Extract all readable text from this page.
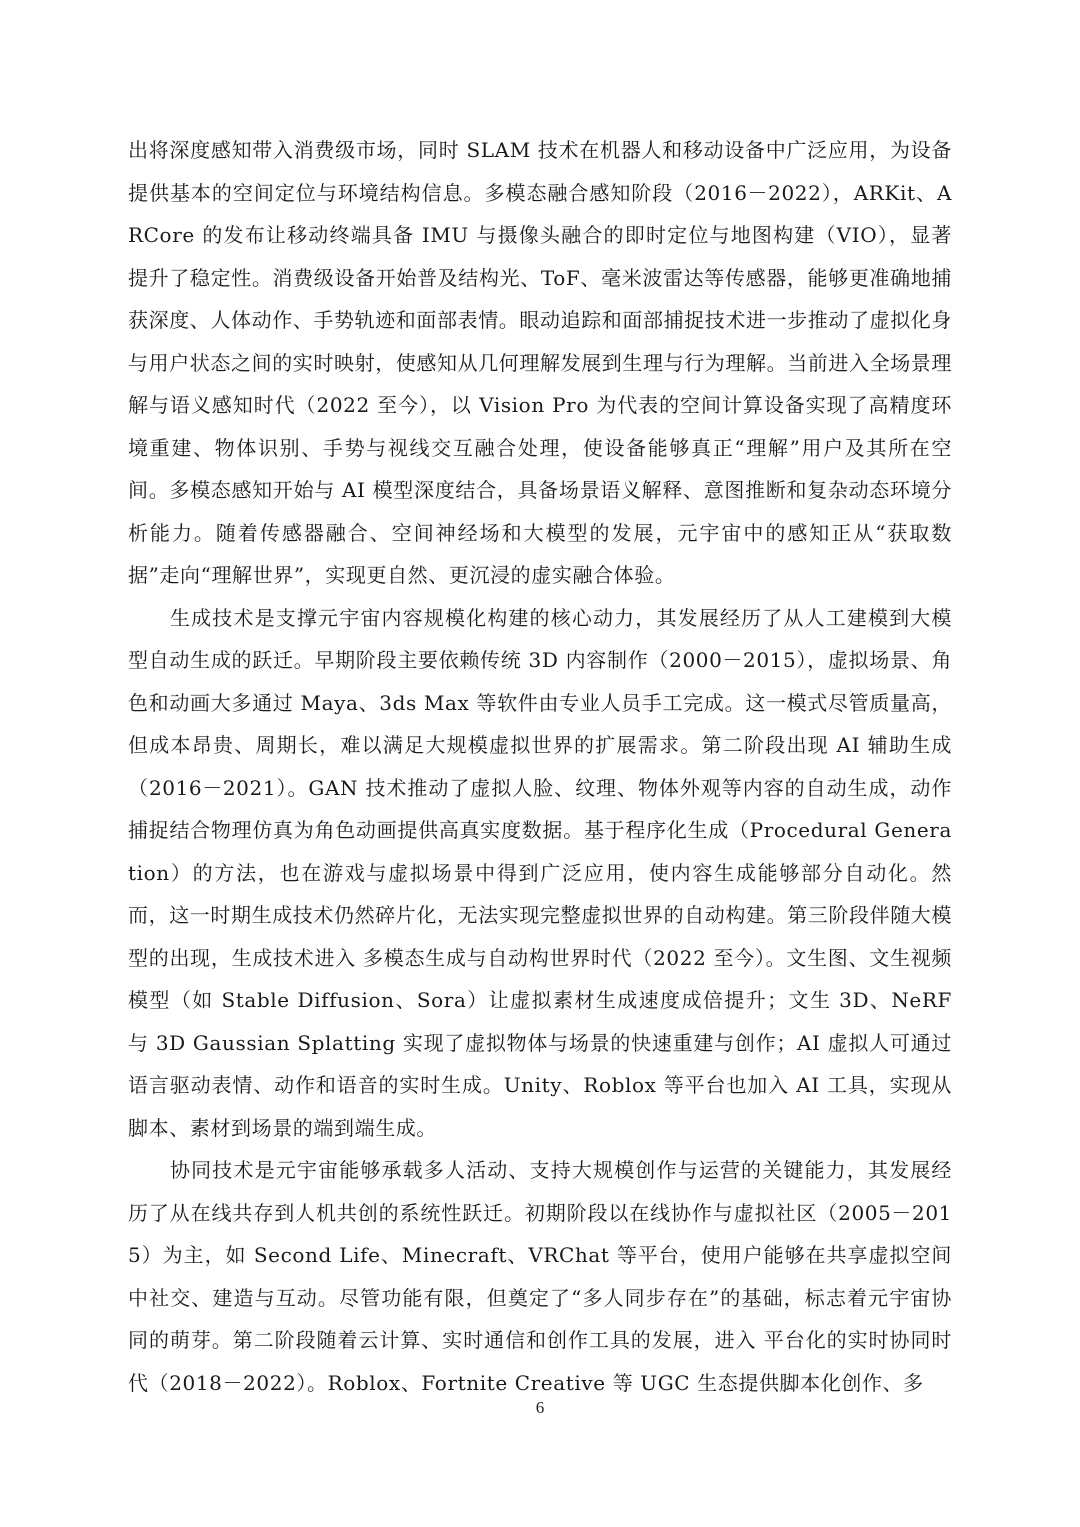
出将深度感知带入消费级市场，同时 SLAM 技术在机器人和移动设备中广泛应用，为设备提供基本的空间定位与环境结构信息。多模态融合感知阶段（2016－2022），ARKit、ARCore 的发布让移动终端具备 IMU 与摄像头融合的即时定位与地图构建（VIO），显著提升了稳定性。消费级设备开始普及结构光、ToF、毫米波雷达等传感器，能够更准确地捕获深度、人体动作、手势轨迹和面部表情。眼动追踪和面部捕捉技术进一步推动了虚拟化身与用户状态之间的实时映射，使感知从几何理解发展到生理与行为理解。当前进入全场景理解与语义感知时代（2022 至今），以 Vision Pro 为代表的空间计算设备实现了高精度环境重建、物体识别、手势与视线交互融合处理，使设备能够真正“理解”用户及其所在空间。多模态感知开始与 AI 模型深度结合，具备场景语义解释、意图推断和复杂动态环境分析能力。随着传感器融合、空间神经场和大模型的发展，元宇宙中的感知正从“获取数据”走向“理解世界”，实现更自然、更沉浸的虚实融合体验。

生成技术是支撑元宇宙内容规模化构建的核心动力，其发展经历了从人工建模到大模型自动生成的跃迁。早期阶段主要依赖传统 3D 内容制作（2000－2015），虚拟场景、角色和动画大多通过 Maya、3ds Max 等软件由专业人员手工完成。这一模式尽管质量高，但成本昂贵、周期长，难以满足大规模虚拟世界的扩展需求。第二阶段出现 AI 辅助生成（2016－2021）。GAN 技术推动了虚拟人脸、纹理、物体外观等内容的自动生成，动作捕捉结合物理仿真为角色动画提供高真实度数据。基于程序化生成（Procedural Generation）的方法，也在游戏与虚拟场景中得到广泛应用，使内容生成能够部分自动化。然而，这一时期生成技术仍然碎片化，无法实现完整虚拟世界的自动构建。第三阶段伴随大模型的出现，生成技术进入 多模态生成与自动构世界时代（2022 至今）。文生图、文生视频模型（如 Stable Diffusion、Sora）让虚拟素材生成速度成倍提升；文生 3D、NeRF 与 3D Gaussian Splatting 实现了虚拟物体与场景的快速重建与创作；AI 虚拟人可通过语言驱动表情、动作和语音的实时生成。Unity、Roblox 等平台也加入 AI 工具，实现从脚本、素材到场景的端到端生成。

协同技术是元宇宙能够承载多人活动、支持大规模创作与运营的关键能力，其发展经历了从在线共存到人机共创的系统性跃迁。初期阶段以在线协作与虚拟社区（2005－2015）为主，如 Second Life、Minecraft、VRChat 等平台，使用户能够在共享虚拟空间中社交、建造与互动。尽管功能有限，但奠定了“多人同步存在”的基础，标志着元宇宙协同的萌芽。第二阶段随着云计算、实时通信和创作工具的发展，进入 平台化的实时协同时代（2018－2022）。Roblox、Fortnite Creative 等 UGC 生态提供脚本化创作、多

6
